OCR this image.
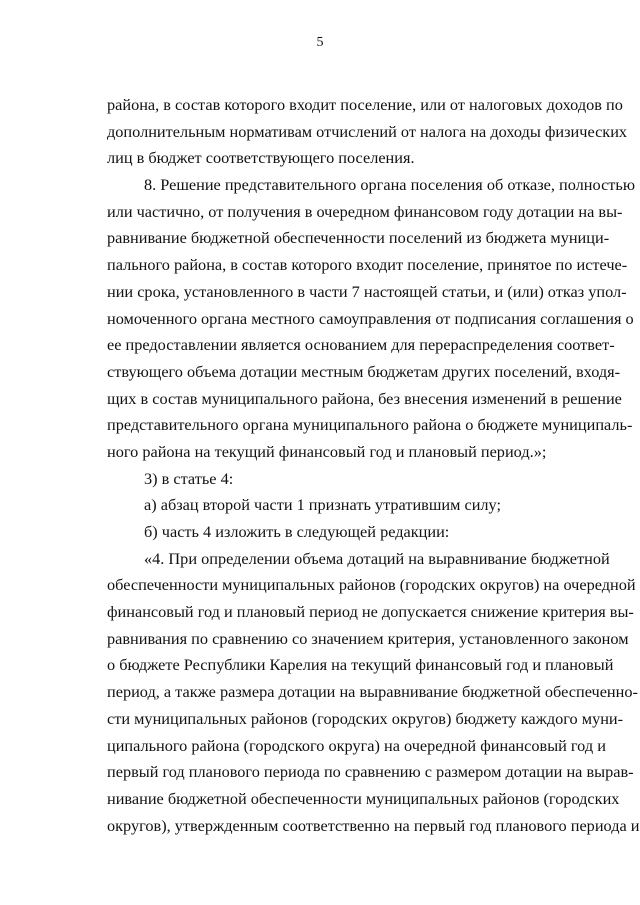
5
района, в состав которого входит поселение, или от налоговых доходов по
дополнительным нормативам отчислений от налога на доходы физических
лиц в бюджет соответствующего поселения.
8. Решение представительного органа поселения об отказе, полностью
или частично, от получения в очередном финансовом году дотации на вы-
равнивание бюджетной обеспеченности поселений из бюджета муници-
пального района, в состав которого входит поселение, принятое по истече-
нии срока, установленного в части 7 настоящей статьи, и (или) отказ упол-
номоченного органа местного самоуправления от подписания соглашения о
ее предоставлении является основанием для перераспределения соответ-
ствующего объема дотации местным бюджетам других поселений, входя-
щих в состав муниципального района, без внесения изменений в решение
представительного органа муниципального района о бюджете муниципаль-
ного района на текущий финансовый год и плановый период.»;
3) в статье 4:
а) абзац второй части 1 признать утратившим силу;
б) часть 4 изложить в следующей редакции:
«4. При определении объема дотаций на выравнивание бюджетной
обеспеченности муниципальных районов (городских округов) на очередной
финансовый год и плановый период не допускается снижение критерия вы-
равнивания по сравнению со значением критерия, установленного законом
о бюджете Республики Карелия на текущий финансовый год и плановый
период, а также размера дотации на выравнивание бюджетной обеспеченно-
сти муниципальных районов (городских округов) бюджету каждого муни-
ципального района (городского округа) на очередной финансовый год и
первый год планового периода по сравнению с размером дотации на вырав-
нивание бюджетной обеспеченности муниципальных районов (городских
округов), утвержденным соответственно на первый год планового периода и
